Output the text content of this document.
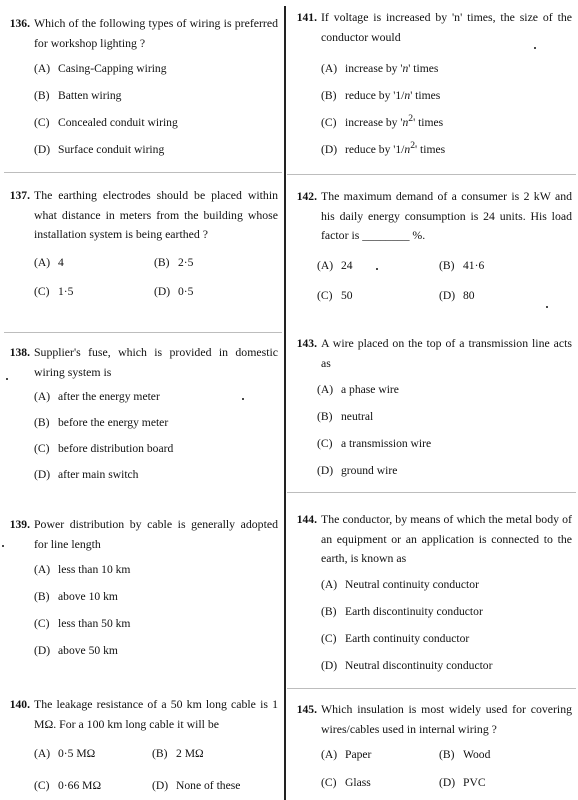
136. Which of the following types of wiring is preferred for workshop lighting ?
(A) Casing-Capping wiring
(B) Batten wiring
(C) Concealed conduit wiring
(D) Surface conduit wiring
137. The earthing electrodes should be placed within what distance in meters from the building whose installation system is being earthed ?
(A) 4	(B) 2·5
(C) 1·5	(D) 0·5
138. Supplier's fuse, which is provided in domestic wiring system is
(A) after the energy meter
(B) before the energy meter
(C) before distribution board
(D) after main switch
139. Power distribution by cable is generally adopted for line length
(A) less than 10 km
(B) above 10 km
(C) less than 50 km
(D) above 50 km
140. The leakage resistance of a 50 km long cable is 1 MΩ. For a 100 km long cable it will be
(A) 0·5 MΩ	(B) 2 MΩ
(C) 0·66 MΩ	(D) None of these
141. If voltage is increased by 'n' times, the size of the conductor would
(A) increase by 'n' times
(B) reduce by '1/n' times
(C) increase by '$n^2$' times
(D) reduce by '$1/n^2$' times
142. The maximum demand of a consumer is 2 kW and his daily energy consumption is 24 units. His load factor is ________ %.
(A) 24	(B) 41·6
(C) 50	(D) 80
143. A wire placed on the top of a transmission line acts as
(A) a phase wire
(B) neutral
(C) a transmission wire
(D) ground wire
144. The conductor, by means of which the metal body of an equipment or an application is connected to the earth, is known as
(A) Neutral continuity conductor
(B) Earth discontinuity conductor
(C) Earth continuity conductor
(D) Neutral discontinuity conductor
145. Which insulation is most widely used for covering wires/cables used in internal wiring ?
(A) Paper	(B) Wood
(C) Glass	(D) PVC
